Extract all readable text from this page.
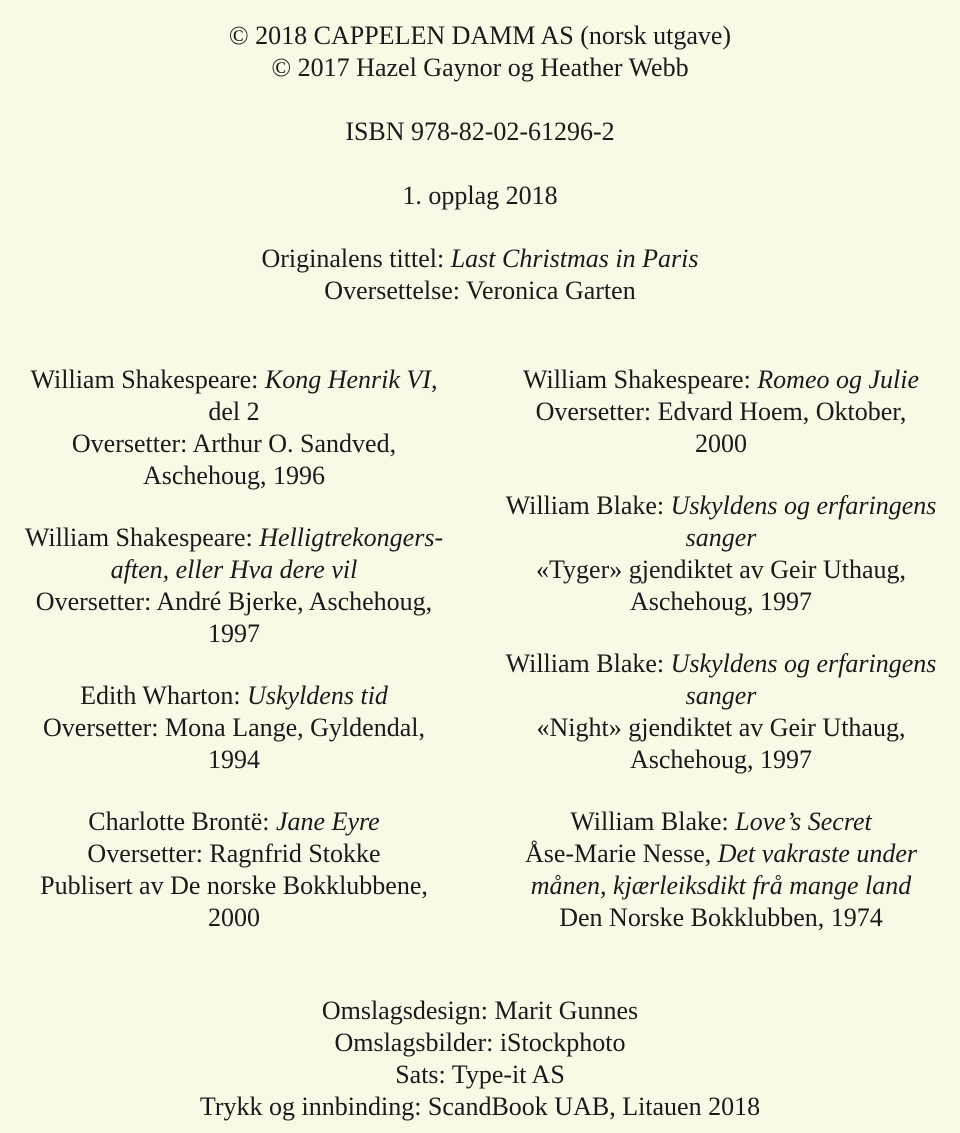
© 2018 CAPPELEN DAMM AS (norsk utgave)
© 2017 Hazel Gaynor og Heather Webb
ISBN 978-82-02-61296-2
1. opplag 2018
Originalens tittel: Last Christmas in Paris
Oversettelse: Veronica Garten
William Shakespeare: Kong Henrik VI,
del 2
Oversetter: Arthur O. Sandved,
Aschehoug, 1996
William Shakespeare: Helligtrekongers-
aften, eller Hva dere vil
Oversetter: André Bjerke, Aschehoug,
1997
Edith Wharton: Uskyldens tid
Oversetter: Mona Lange, Gyldendal,
1994
Charlotte Brontë: Jane Eyre
Oversetter: Ragnfrid Stokke
Publisert av De norske Bokklubbene,
2000
William Shakespeare: Romeo og Julie
Oversetter: Edvard Hoem, Oktober,
2000
William Blake: Uskyldens og erfaringens
sanger
«Tyger» gjendiktet av Geir Uthaug,
Aschehoug, 1997
William Blake: Uskyldens og erfaringens
sanger
«Night» gjendiktet av Geir Uthaug,
Aschehoug, 1997
William Blake: Love’s Secret
Åse-Marie Nesse, Det vakraste under
månen, kjærleiksdikt frå mange land
Den Norske Bokklubben, 1974
Omslagsdesign: Marit Gunnes
Omslagsbilder: iStockphoto
Sats: Type-it AS
Trykk og innbinding: ScandBook UAB, Litauen 2018
